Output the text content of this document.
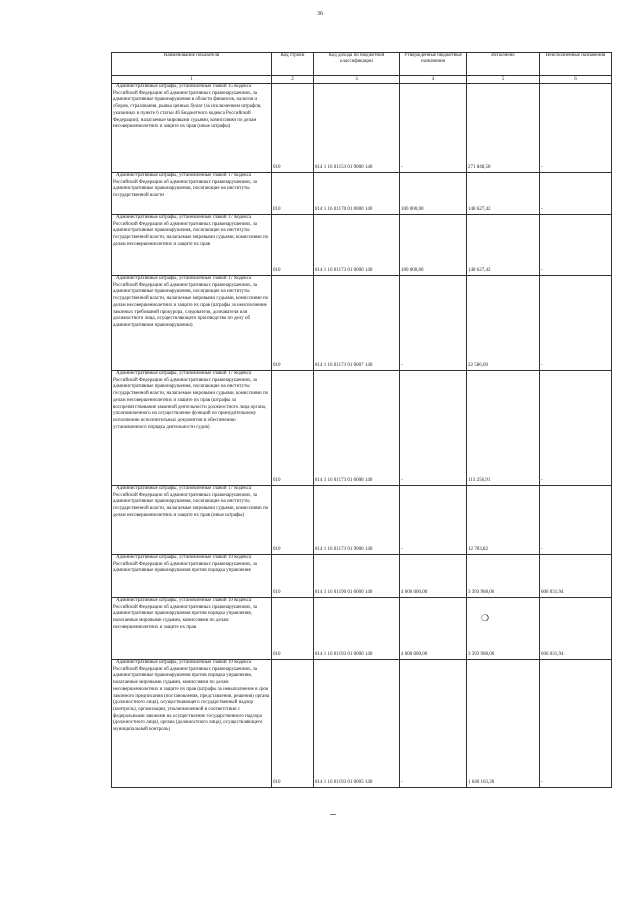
36
Наименование показателя	Код строки	Код дохода по бюджетной классификации	Утвержденные бюджетные назначения	Исполнено	Неисполненные назначения
1	2	3	4	5	6

Административные штрафы, установленные главой 15 Кодекса Российской Федерации об административных правонарушениях, за административные правонарушения в области финансов, налогов и сборов, страхования, рынка ценных бумаг (за исключением штрафов, указанных в пункте 6 статьи 46 Бюджетного кодекса Российской Федерации), налагаемые мировыми судьями, комиссиями по делам несовершеннолетних и защите их прав (иные штрафы)	010	814 1 16 01153 01 9000 140	-	271 848,58	-

Административные штрафы, установленные главой 17 Кодекса Российской Федерации об административных правонарушениях, за административные правонарушения, посягающие на институты государственной власти	010	814 1 16 01170 01 0000 140	100 000,00	148 627,42	-

Административные штрафы, установленные главой 17 Кодекса Российской Федерации об административных правонарушениях, за административные правонарушения, посягающие на институты государственной власти, налагаемые мировыми судьями, комиссиями по делам несовершеннолетних и защите их прав	010	814 1 16 01173 01 0000 140	100 000,00	148 627,42	-

Административные штрафы, установленные главой 17 Кодекса Российской Федерации об административных правонарушениях, за административные правонарушения, посягающие на институты государственной власти, налагаемые мировыми судьями, комиссиями по делам несовершеннолетних и защите их прав (штрафы за неисполнение законных требований прокурора, следователя, дознавателя или должностного лица, осуществляющего производство по делу об административном правонарушении)	010	814 1 16 01173 01 0007 140	-	22 586,69	-

Административные штрафы, установленные главой 17 Кодекса Российской Федерации об административных правонарушениях, за административные правонарушения, посягающие на институты государственной власти, налагаемые мировыми судьями, комиссиями по делам несовершеннолетних и защите их прав (штрафы за воспрепятствование законной деятельности должностного лица органа, уполномоченного на осуществление функций по принудительному исполнению исполнительных документов и обеспечению установленного порядка деятельности судов)	010	814 1 16 01173 01 0008 140	-	113 256,91	-

Административные штрафы, установленные главой 17 Кодекса Российской Федерации об административных правонарушениях, за административные правонарушения, посягающие на институты государственной власти, налагаемые мировыми судьями, комиссиями по делам несовершеннолетних и защите их прав (иные штрафы)	010	814 1 16 01173 01 9000 140	-	12 783,82	-

Административные штрафы, установленные главой 19 Кодекса Российской Федерации об административных правонарушениях, за административные правонарушения против порядка управления	010	814 1 16 01190 01 0000 140	4 000 000,00	3 393 968,06	606 031,94

Административные штрафы, установленные главой 19 Кодекса Российской Федерации об административных правонарушениях, за административные правонарушения против порядка управления, налагаемые мировыми судьями, комиссиями по делам несовершеннолетних и защите их прав	010	814 1 16 01193 01 0000 140	4 000 000,00	3 393 968,06	606 031,94

Административные штрафы, установленные главой 19 Кодекса Российской Федерации об административных правонарушениях, за административные правонарушения против порядка управления, налагаемые мировыми судьями, комиссиями по делам несовершеннолетних и защите их прав (штрафы за невыполнение в срок законного предписания (постановления, представления, решения) органа (должностного лица), осуществляющего государственный надзор (контроль), организации, уполномоченной в соответствии с федеральными законами на осуществление государственного надзора (должностного лица), органа (должностного лица), осуществляющего муниципальный контроль)	010	814 1 16 01193 01 0005 140	-	1 640 163,28	-
❍
